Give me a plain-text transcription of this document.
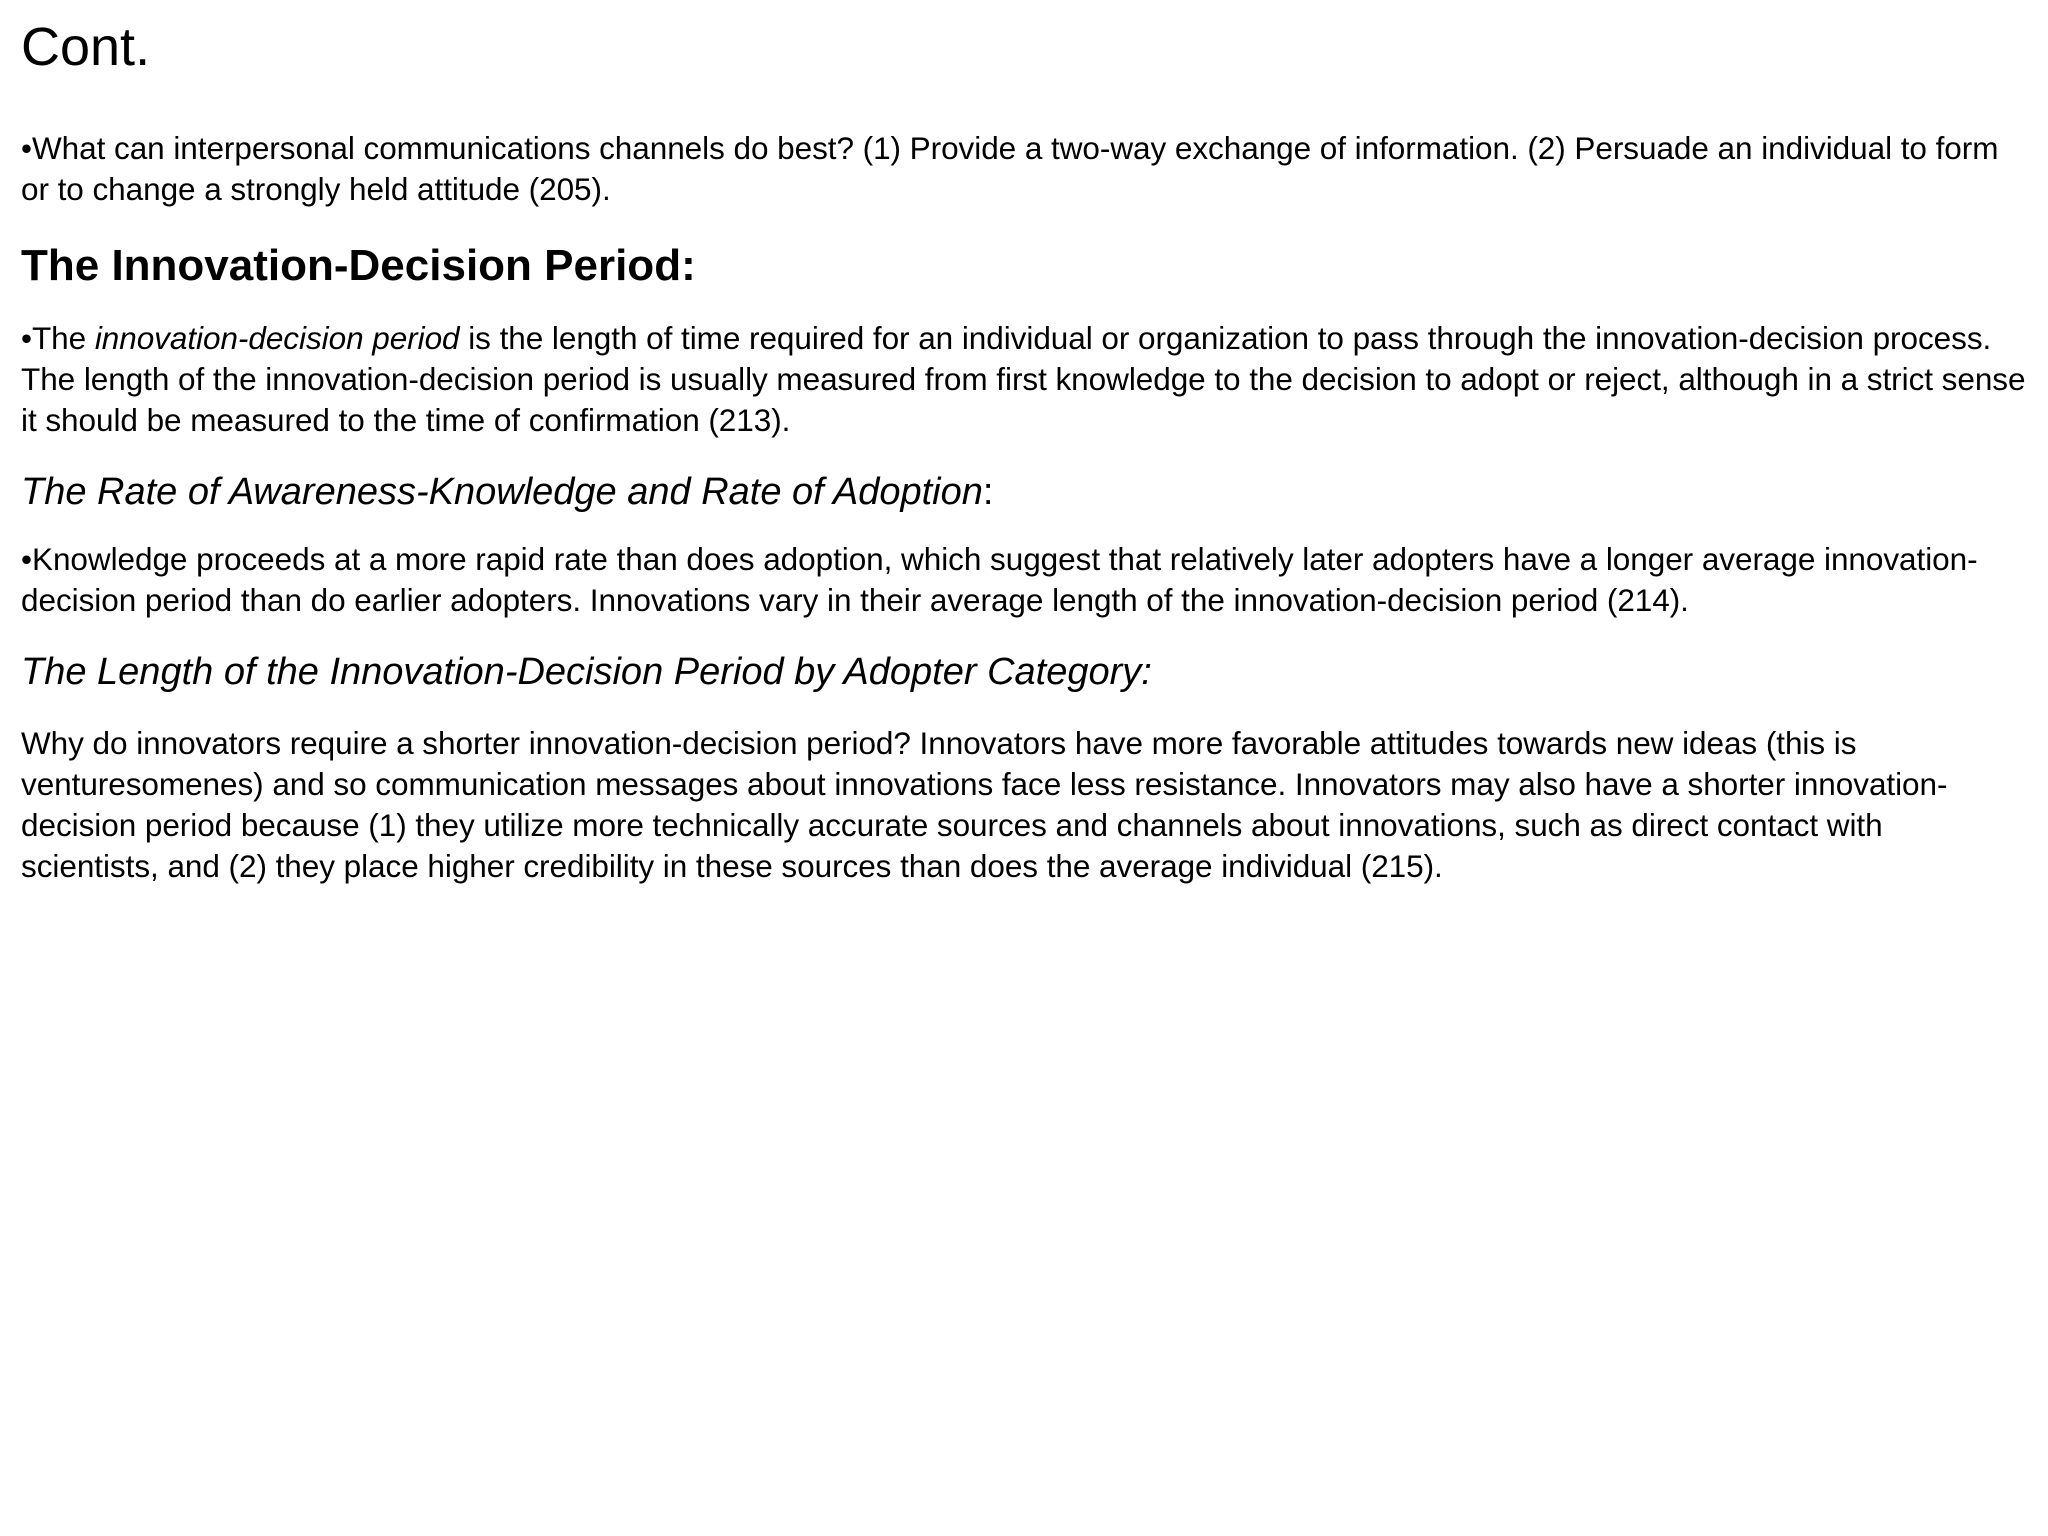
Cont.

•What can interpersonal communications channels do best? (1) Provide a two-way exchange of information. (2) Persuade an individual to form or to change a strongly held attitude (205).

The Innovation-Decision Period:

•The innovation-decision period is the length of time required for an individual or organization to pass through the innovation-decision process. The length of the innovation-decision period is usually measured from first knowledge to the decision to adopt or reject, although in a strict sense it should be measured to the time of confirmation (213).

The Rate of Awareness-Knowledge and Rate of Adoption:

•Knowledge proceeds at a more rapid rate than does adoption, which suggest that relatively later adopters have a longer average innovation-decision period than do earlier adopters. Innovations vary in their average length of the innovation-decision period (214).

The Length of the Innovation-Decision Period by Adopter Category:

Why do innovators require a shorter innovation-decision period? Innovators have more favorable attitudes towards new ideas (this is venturesomenes) and so communication messages about innovations face less resistance. Innovators may also have a shorter innovation-decision period because (1) they utilize more technically accurate sources and channels about innovations, such as direct contact with scientists, and (2) they place higher credibility in these sources than does the average individual (215).
